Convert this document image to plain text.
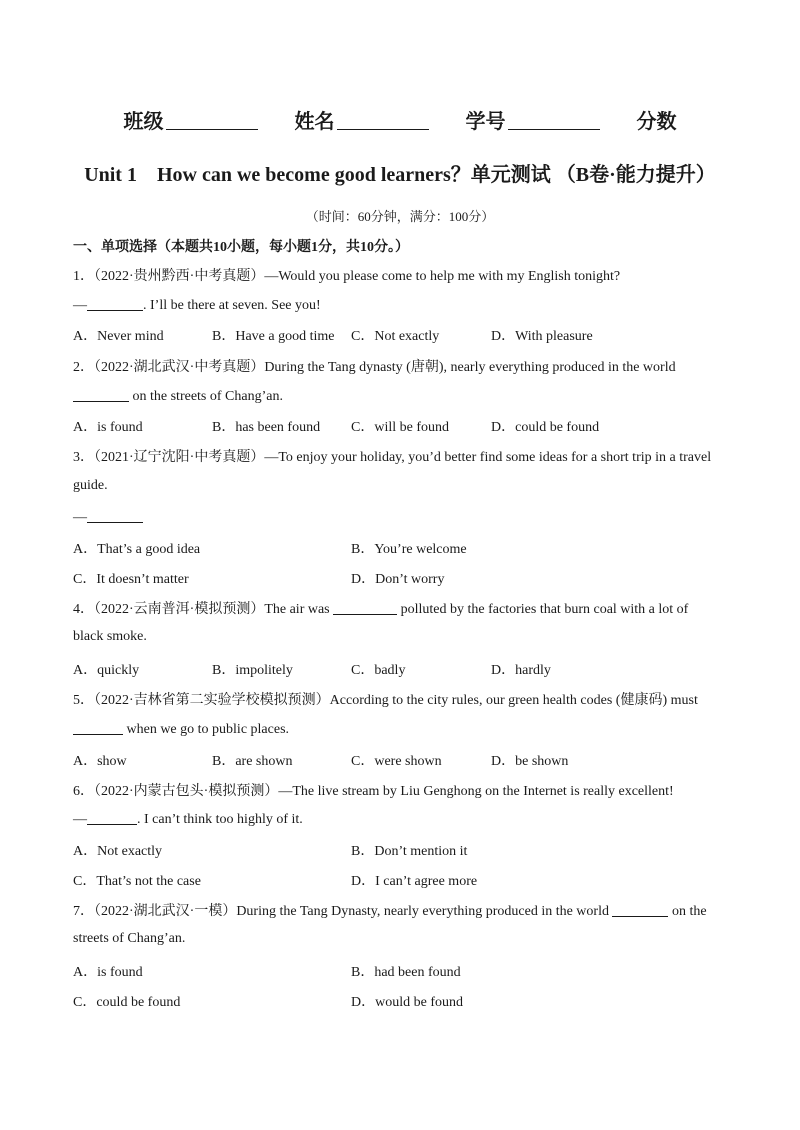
班级	姓名	学号	分数
Unit 1    How can we become good learners？单元测试 （B卷·能力提升）
（时间：60分钟，满分：100分）
一、单项选择（本题共10小题，每小题1分，共10分。）
1．（2022·贵州黔西·中考真题）—Would you please come to help me with my English tonight?
—	. I’ll be there at seven. See you!
A．Never mind	B．Have a good time C．Not exactly	D．With pleasure
2．（2022·湖北武汉·中考真题）During the Tang dynasty (唐朝), nearly everything produced in the world
on the streets of Chang’an.
A．is found	B．has been found C．will be found	D．could be found
3．（2021·辽宁沈阳·中考真题）—To enjoy your holiday, you’d better find some ideas for a short trip in a travel
guide.
—
A．That’s a good idea	B．You’re welcome
C．It doesn’t matter	D．Don’t worry
4．（2022·云南普洱·模拟预测）The air was	polluted by the factories that burn coal with a lot of
black smoke.
A．quickly	B．impolitely	C．badly	D．hardly
5．（2022·吉林省第二实验学校模拟预测）According to the city rules, our green health codes (健康码) must
when we go to public places.
A．show	B．are shown	C．were shown	D．be shown
6．（2022·内蒙古包头·模拟预测）—The live stream by Liu Genghong on the Internet is really excellent!
—	. I can’t think too highly of it.
A．Not exactly	B．Don’t mention it
C．That’s not the case	D．I can’t agree more
7．（2022·湖北武汉·一模）During the Tang Dynasty, nearly everything produced in the world	on the
streets of Chang’an.
A．is found	B．had been found
C．could be found	D．would be found
